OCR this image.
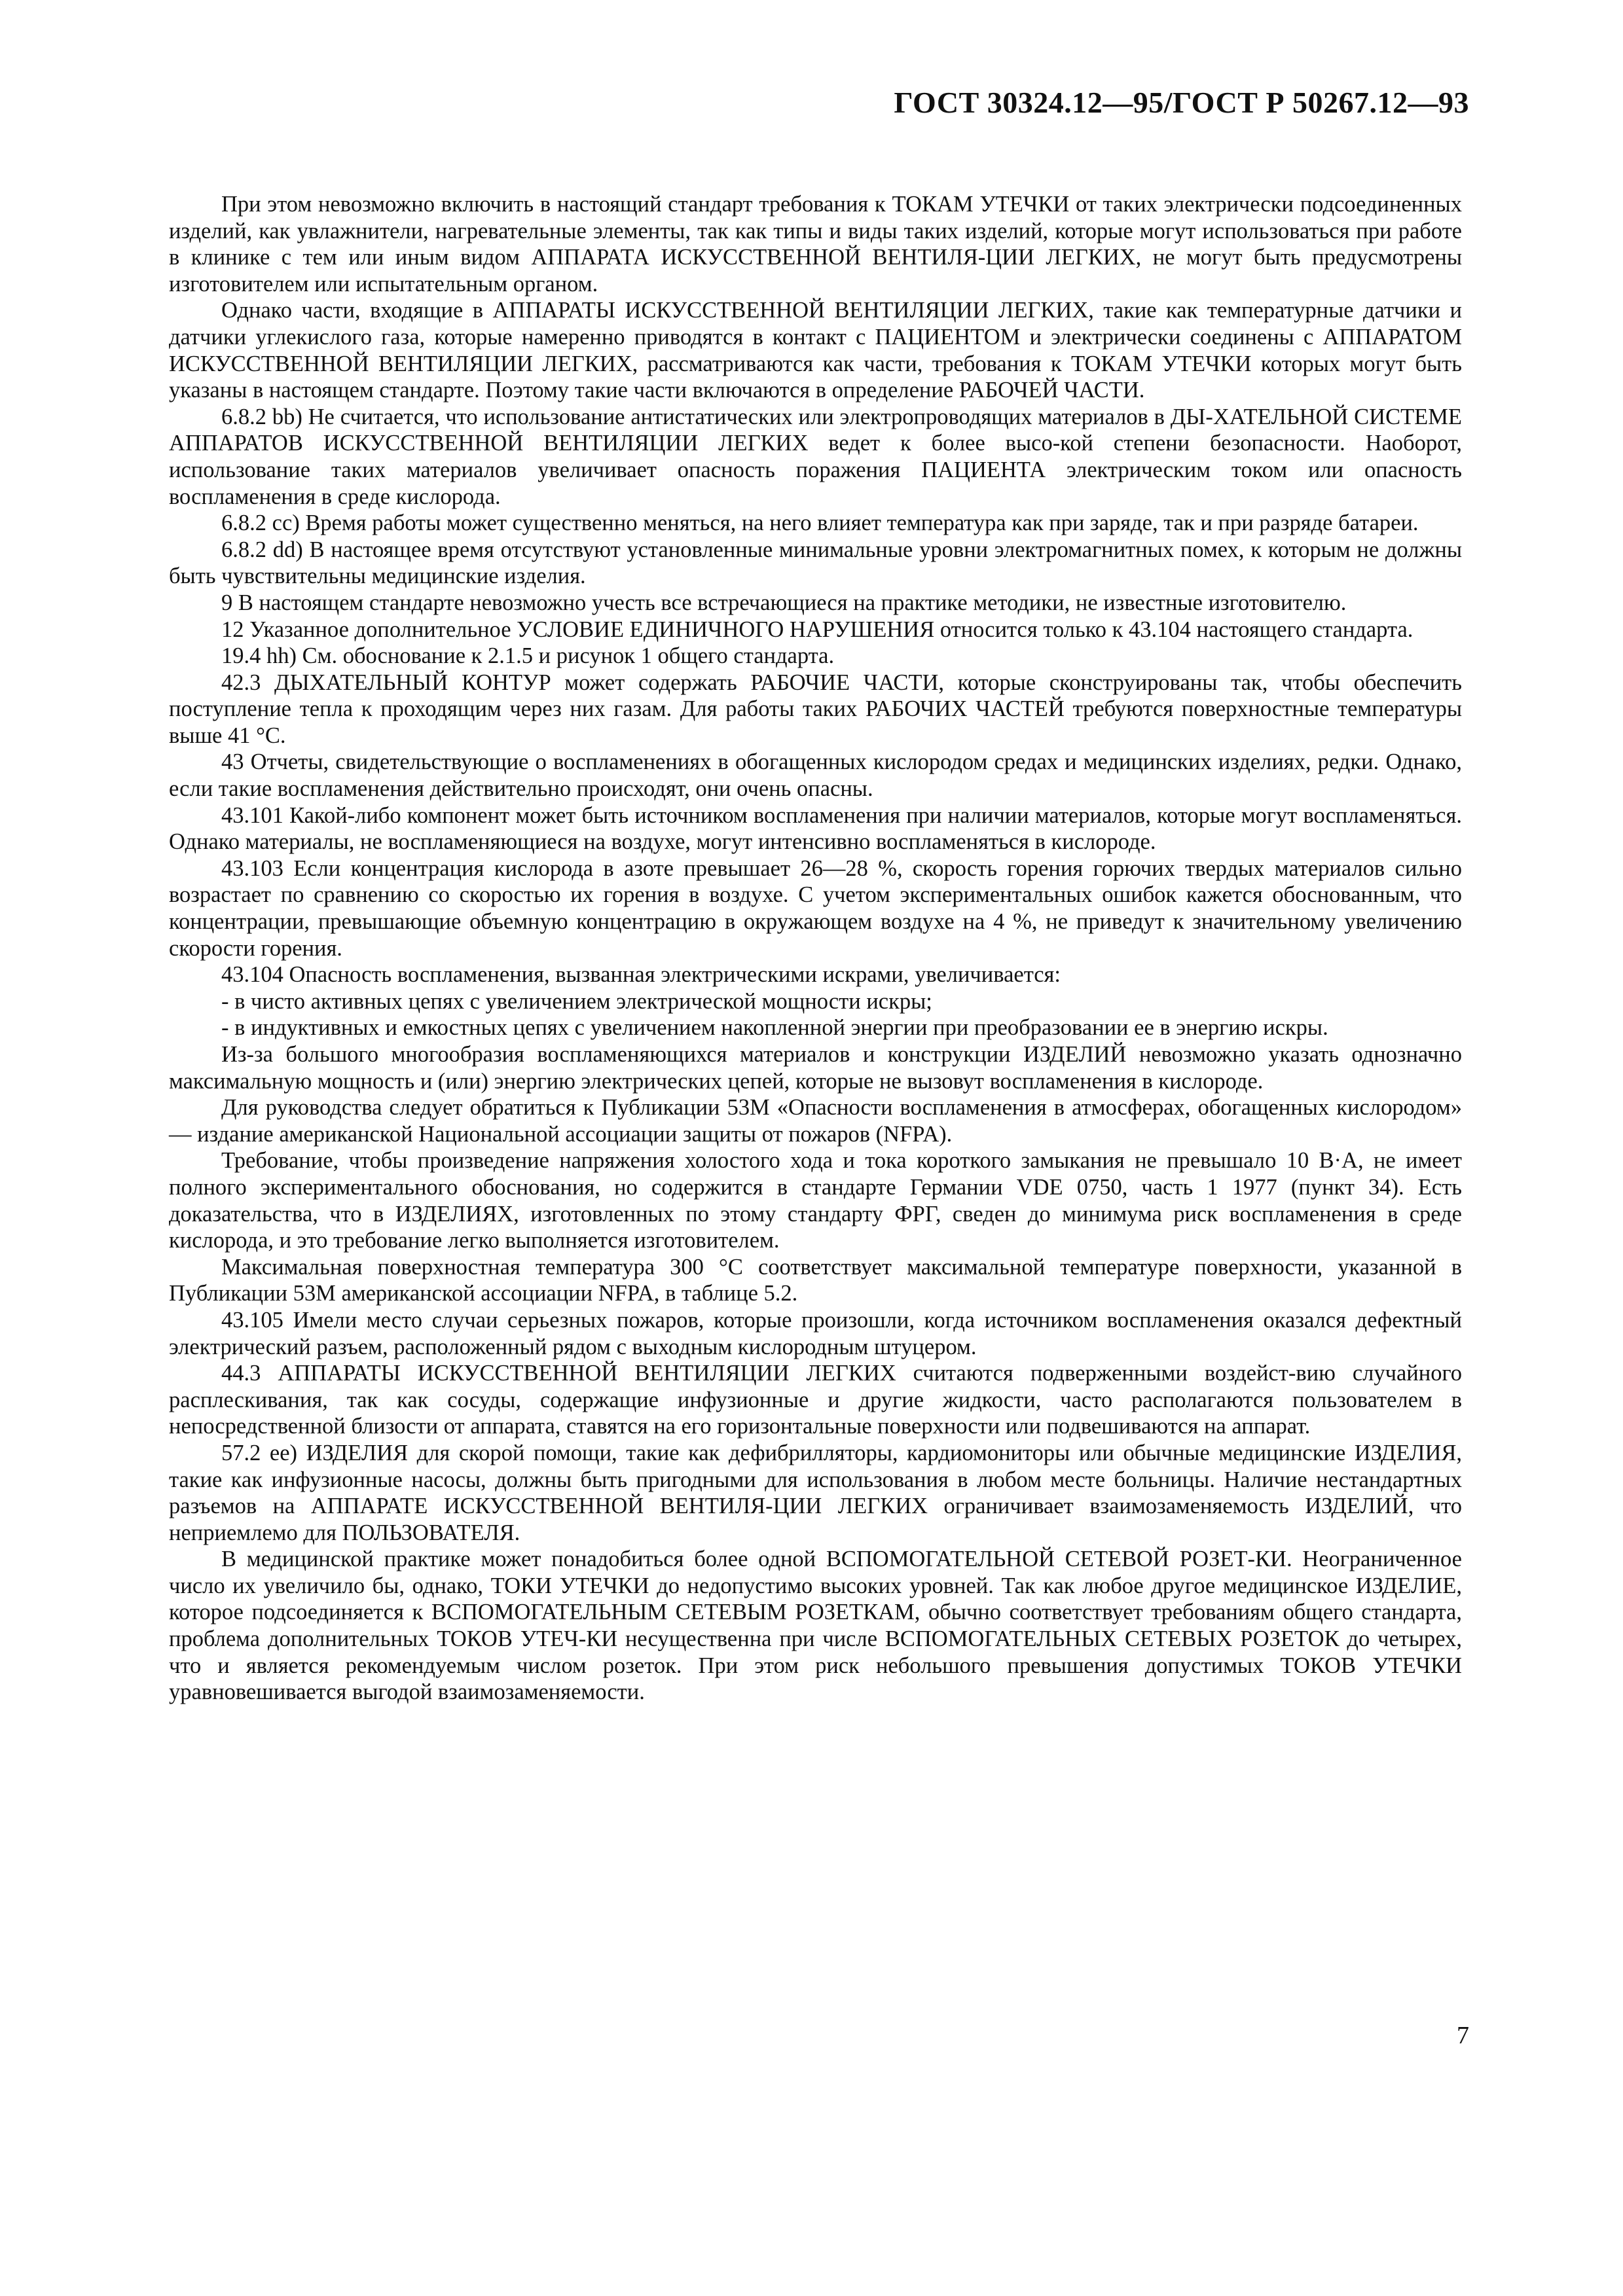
ГОСТ 30324.12—95/ГОСТ Р 50267.12—93

При этом невозможно включить в настоящий стандарт требования к ТОКАМ УТЕЧКИ от таких электрически подсоединенных изделий, как увлажнители, нагревательные элементы, так как типы и виды таких изделий, которые могут использоваться при работе в клинике с тем или иным видом АППАРАТА ИСКУССТВЕННОЙ ВЕНТИЛЯ-ЦИИ ЛЕГКИХ, не могут быть предусмотрены изготовителем или испытательным органом.

Однако части, входящие в АППАРАТЫ ИСКУССТВЕННОЙ ВЕНТИЛЯЦИИ ЛЕГКИХ, такие как температурные датчики и датчики углекислого газа, которые намеренно приводятся в контакт с ПАЦИЕНТОМ и электрически соединены с АППАРАТОМ ИСКУССТВЕННОЙ ВЕНТИЛЯЦИИ ЛЕГКИХ, рассматриваются как части, требования к ТОКАМ УТЕЧКИ которых могут быть указаны в настоящем стандарте. Поэтому такие части включаются в определение РАБОЧЕЙ ЧАСТИ.

6.8.2 bb) Не считается, что использование антистатических или электропроводящих материалов в ДЫ-ХАТЕЛЬНОЙ СИСТЕМЕ АППАРАТОВ ИСКУССТВЕННОЙ ВЕНТИЛЯЦИИ ЛЕГКИХ ведет к более высо-кой степени безопасности. Наоборот, использование таких материалов увеличивает опасность поражения ПАЦИЕНТА электрическим током или опасность воспламенения в среде кислорода.

6.8.2 cc) Время работы может существенно меняться, на него влияет температура как при заряде, так и при разряде батареи.

6.8.2 dd) В настоящее время отсутствуют установленные минимальные уровни электромагнитных помех, к которым не должны быть чувствительны медицинские изделия.

9 В настоящем стандарте невозможно учесть все встречающиеся на практике методики, не известные изготовителю.

12 Указанное дополнительное УСЛОВИЕ ЕДИНИЧНОГО НАРУШЕНИЯ относится только к 43.104 настоящего стандарта.

19.4 hh) См. обоснование к 2.1.5 и рисунок 1 общего стандарта.

42.3 ДЫХАТЕЛЬНЫЙ КОНТУР может содержать РАБОЧИЕ ЧАСТИ, которые сконструированы так, чтобы обеспечить поступление тепла к проходящим через них газам. Для работы таких РАБОЧИХ ЧАСТЕЙ требуются поверхностные температуры выше 41 °С.

43 Отчеты, свидетельствующие о воспламенениях в обогащенных кислородом средах и медицинских изделиях, редки. Однако, если такие воспламенения действительно происходят, они очень опасны.

43.101 Какой-либо компонент может быть источником воспламенения при наличии материалов, которые могут воспламеняться. Однако материалы, не воспламеняющиеся на воздухе, могут интенсивно воспламеняться в кислороде.

43.103 Если концентрация кислорода в азоте превышает 26—28 %, скорость горения горючих твердых материалов сильно возрастает по сравнению со скоростью их горения в воздухе. С учетом экспериментальных ошибок кажется обоснованным, что концентрации, превышающие объемную концентрацию в окружающем воздухе на 4 %, не приведут к значительному увеличению скорости горения.

43.104 Опасность воспламенения, вызванная электрическими искрами, увеличивается:

- в чисто активных цепях с увеличением электрической мощности искры;

- в индуктивных и емкостных цепях с увеличением накопленной энергии при преобразовании ее в энергию искры.

Из-за большого многообразия воспламеняющихся материалов и конструкции ИЗДЕЛИЙ невозможно указать однозначно максимальную мощность и (или) энергию электрических цепей, которые не вызовут воспламенения в кислороде.

Для руководства следует обратиться к Публикации 53М «Опасности воспламенения в атмосферах, обогащенных кислородом» — издание американской Национальной ассоциации защиты от пожаров (NFPA).

Требование, чтобы произведение напряжения холостого хода и тока короткого замыкания не превышало 10 В·А, не имеет полного экспериментального обоснования, но содержится в стандарте Германии VDE 0750, часть 1 1977 (пункт 34). Есть доказательства, что в ИЗДЕЛИЯХ, изготовленных по этому стандарту ФРГ, сведен до минимума риск воспламенения в среде кислорода, и это требование легко выполняется изготовителем.

Максимальная поверхностная температура 300 °С соответствует максимальной температуре поверхности, указанной в Публикации 53М американской ассоциации NFPA, в таблице 5.2.

43.105 Имели место случаи серьезных пожаров, которые произошли, когда источником воспламенения оказался дефектный электрический разъем, расположенный рядом с выходным кислородным штуцером.

44.3 АППАРАТЫ ИСКУССТВЕННОЙ ВЕНТИЛЯЦИИ ЛЕГКИХ считаются подверженными воздейст-вию случайного расплескивания, так как сосуды, содержащие инфузионные и другие жидкости, часто располагаются пользователем в непосредственной близости от аппарата, ставятся на его горизонтальные поверхности или подвешиваются на аппарат.

57.2 ee) ИЗДЕЛИЯ для скорой помощи, такие как дефибрилляторы, кардиомониторы или обычные медицинские ИЗДЕЛИЯ, такие как инфузионные насосы, должны быть пригодными для использования в любом месте больницы. Наличие нестандартных разъемов на АППАРАТЕ ИСКУССТВЕННОЙ ВЕНТИЛЯ-ЦИИ ЛЕГКИХ ограничивает взаимозаменяемость ИЗДЕЛИЙ, что неприемлемо для ПОЛЬЗОВАТЕЛЯ.

В медицинской практике может понадобиться более одной ВСПОМОГАТЕЛЬНОЙ СЕТЕВОЙ РОЗЕТ-КИ. Неограниченное число их увеличило бы, однако, ТОКИ УТЕЧКИ до недопустимо высоких уровней. Так как любое другое медицинское ИЗДЕЛИЕ, которое подсоединяется к ВСПОМОГАТЕЛЬНЫМ СЕТЕВЫМ РОЗЕТКАМ, обычно соответствует требованиям общего стандарта, проблема дополнительных ТОКОВ УТЕЧ-КИ несущественна при числе ВСПОМОГАТЕЛЬНЫХ СЕТЕВЫХ РОЗЕТОК до четырех, что и является рекомендуемым числом розеток. При этом риск небольшого превышения допустимых ТОКОВ УТЕЧКИ уравновешивается выгодой взаимозаменяемости.

7
